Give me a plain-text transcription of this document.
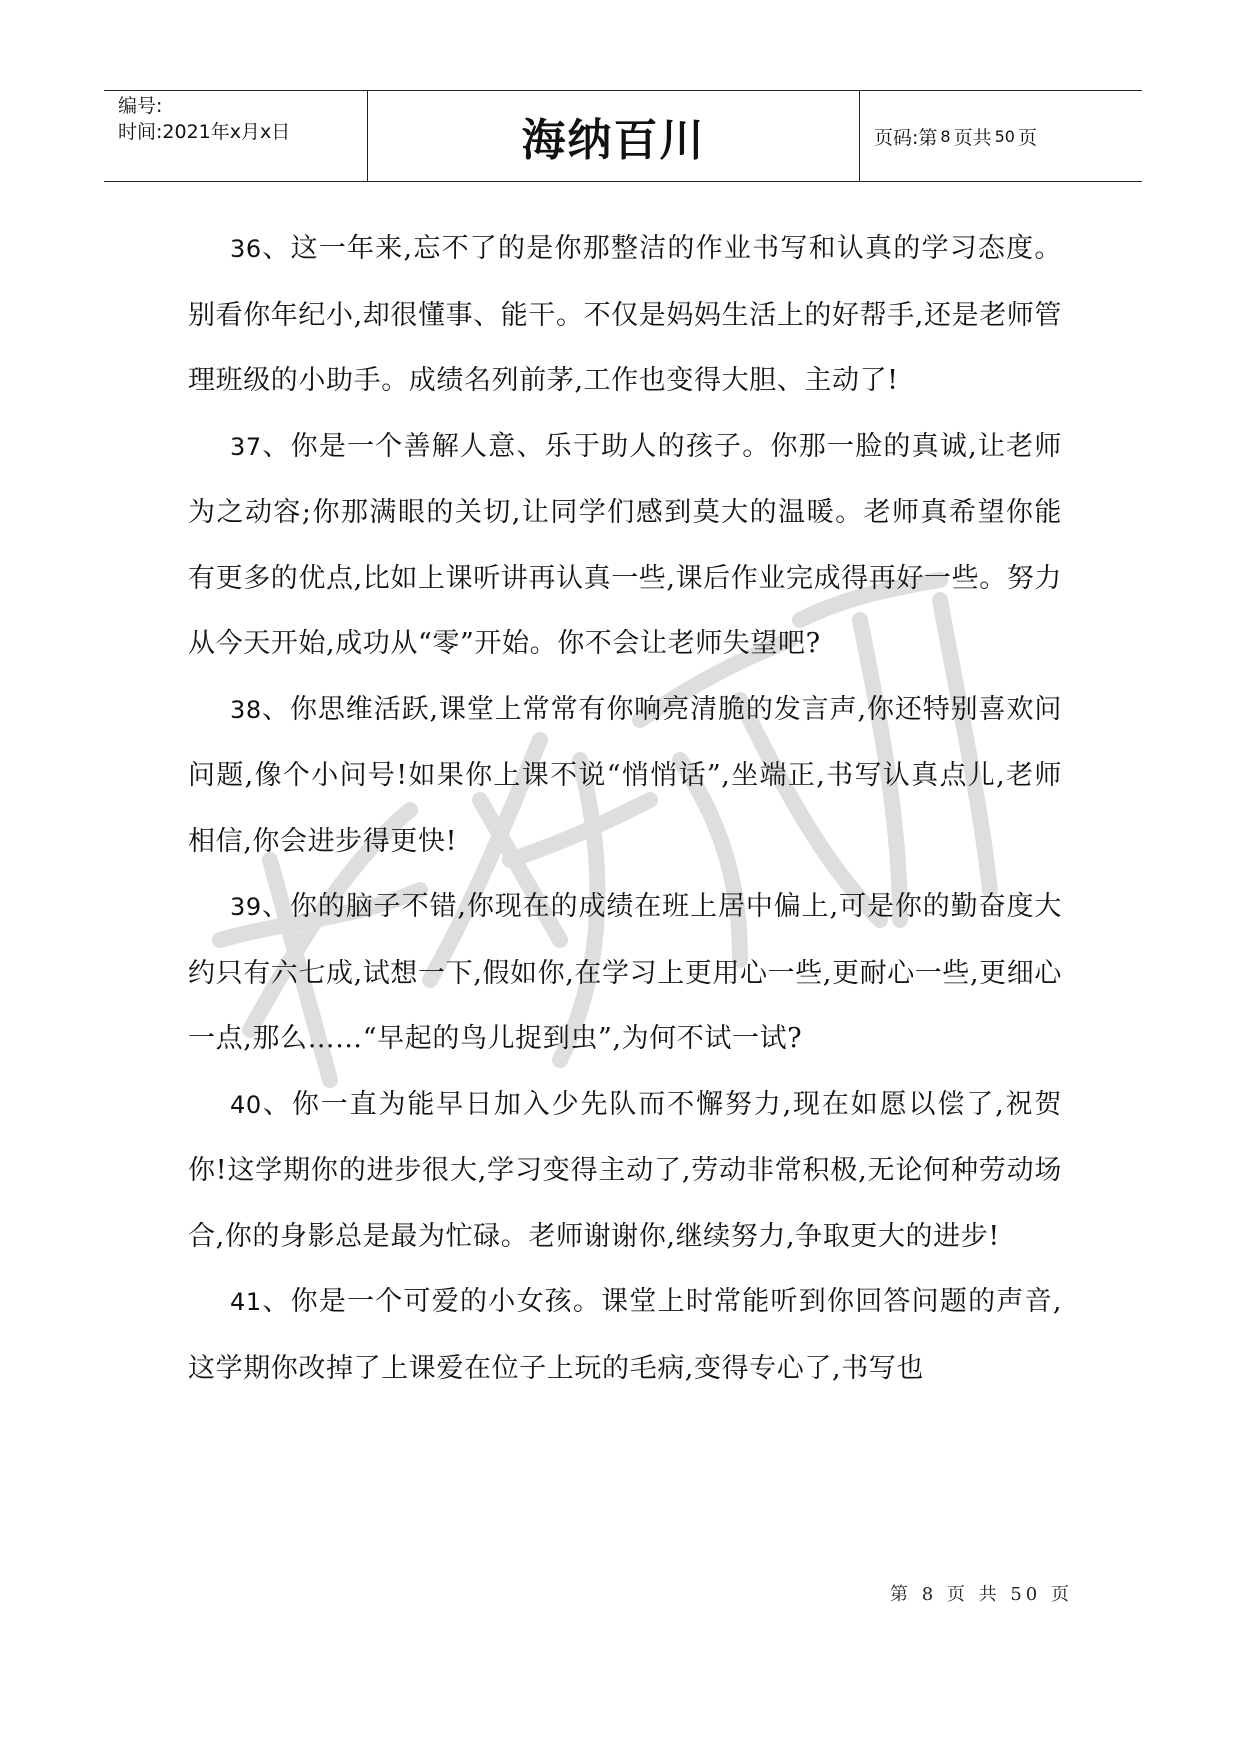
编号:
时间:2021年x月x日	海纳百川	页码:第 8 页共 50 页

36、这一年来,忘不了的是你那整洁的作业书写和认真的学习态度。别看你年纪小,却很懂事、能干。不仅是妈妈生活上的好帮手,还是老师管理班级的小助手。成绩名列前茅,工作也变得大胆、主动了!

37、你是一个善解人意、乐于助人的孩子。你那一脸的真诚,让老师为之动容;你那满眼的关切,让同学们感到莫大的温暖。老师真希望你能有更多的优点,比如上课听讲再认真一些,课后作业完成得再好一些。努力从今天开始,成功从“零”开始。你不会让老师失望吧?

38、你思维活跃,课堂上常常有你响亮清脆的发言声,你还特别喜欢问问题,像个小问号!如果你上课不说“悄悄话”,坐端正,书写认真点儿,老师相信,你会进步得更快!

39、你的脑子不错,你现在的成绩在班上居中偏上,可是你的勤奋度大约只有六七成,试想一下,假如你,在学习上更用心一些,更耐心一些,更细心一点,那么……“早起的鸟儿捉到虫”,为何不试一试?

40、你一直为能早日加入少先队而不懈努力,现在如愿以偿了,祝贺你!这学期你的进步很大,学习变得主动了,劳动非常积极,无论何种劳动场合,你的身影总是最为忙碌。老师谢谢你,继续努力,争取更大的进步!

41、你是一个可爱的小女孩。课堂上时常能听到你回答问题的声音,这学期你改掉了上课爱在位子上玩的毛病,变得专心了,书写也

第 8 页 共 50 页
